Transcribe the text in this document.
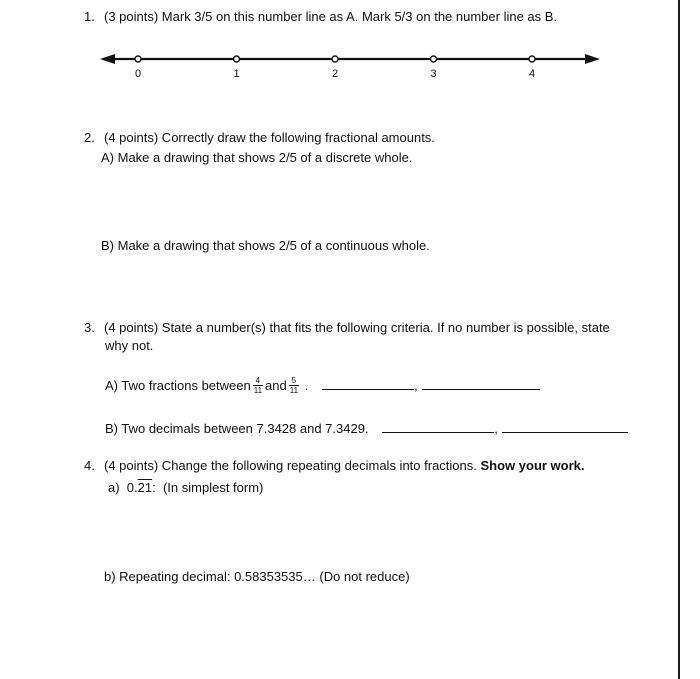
1. (3 points) Mark 3/5 on this number line as A. Mark 5/3 on the number line as B.
0	1	2	3	4
2. (4 points) Correctly draw the following fractional amounts.
A) Make a drawing that shows 2/5 of a discrete whole.
B) Make a drawing that shows 2/5 of a continuous whole.
3. (4 points) State a number(s) that fits the following criteria. If no number is possible, state
why not.
A) Two fractions between $\frac{4}{11}$ and $\frac{5}{11}$ .	,
B) Two decimals between 7.3428 and 7.3429.	,
4. (4 points) Change the following repeating decimals into fractions. Show your work.
a) 0.21: (In simplest form)
b) Repeating decimal: 0.58353535… (Do not reduce)
